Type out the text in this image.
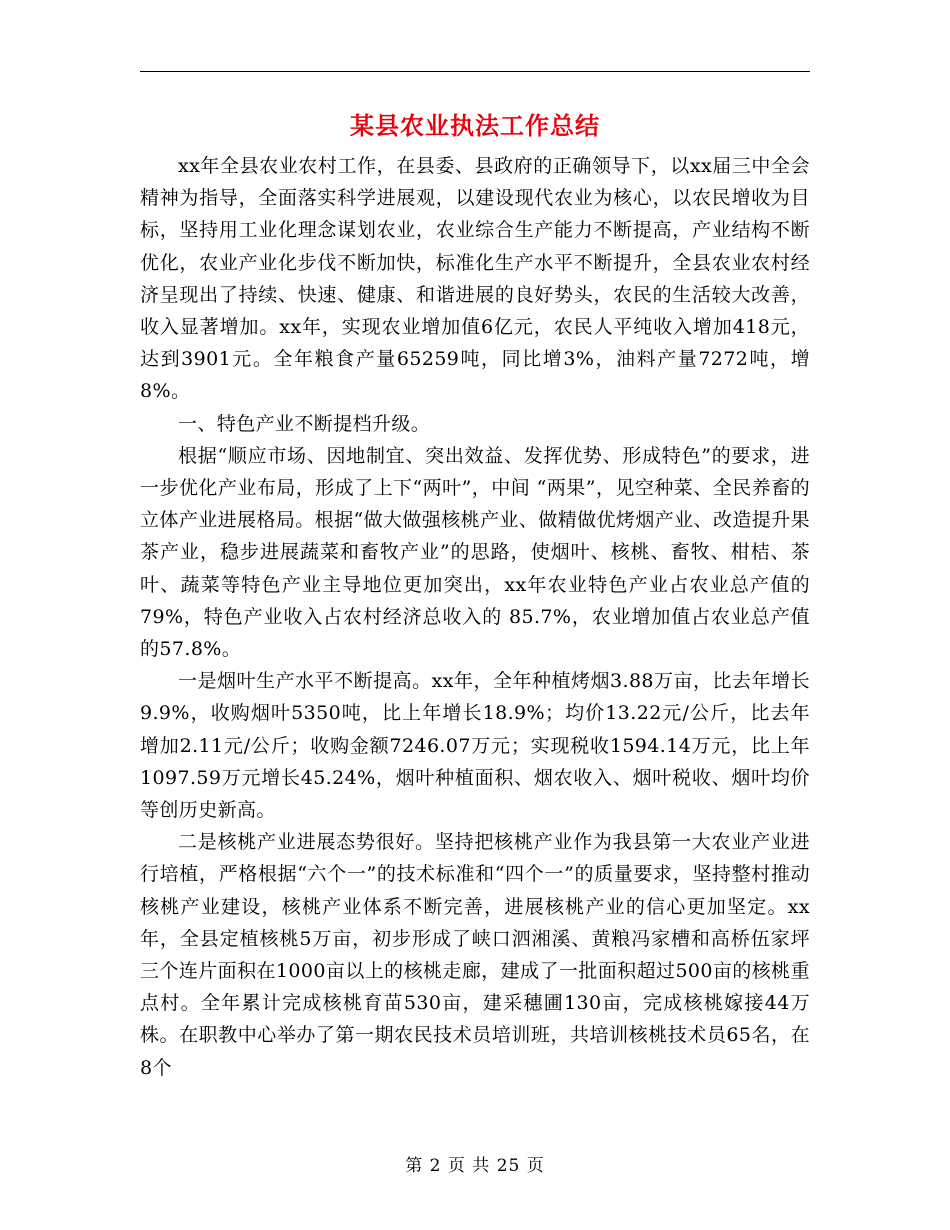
某县农业执法工作总结

xx年全县农业农村工作，在县委、县政府的正确领导下，以xx届三中全会精神为指导，全面落实科学进展观，以建设现代农业为核心，以农民增收为目标，坚持用工业化理念谋划农业，农业综合生产能力不断提高，产业结构不断优化，农业产业化步伐不断加快，标准化生产水平不断提升，全县农业农村经济呈现出了持续、快速、健康、和谐进展的良好势头，农民的生活较大改善，收入显著增加。xx年，实现农业增加值6亿元，农民人平纯收入增加418元，达到3901元。全年粮食产量65259吨，同比增3%，油料产量7272吨，增8%。

一、特色产业不断提档升级。

根据“顺应市场、因地制宜、突出效益、发挥优势、形成特色”的要求，进一步优化产业布局，形成了上下“两叶”，中间 “两果”，见空种菜、全民养畜的立体产业进展格局。根据“做大做强核桃产业、做精做优烤烟产业、改造提升果茶产业，稳步进展蔬菜和畜牧产业”的思路，使烟叶、核桃、畜牧、柑桔、茶叶、蔬菜等特色产业主导地位更加突出，xx年农业特色产业占农业总产值的79%，特色产业收入占农村经济总收入的 85.7%，农业增加值占农业总产值的57.8%。

一是烟叶生产水平不断提高。xx年，全年种植烤烟3.88万亩，比去年增长9.9%，收购烟叶5350吨，比上年增长18.9%；均价13.22元/公斤，比去年增加2.11元/公斤；收购金额7246.07万元；实现税收1594.14万元，比上年1097.59万元增长45.24%，烟叶种植面积、烟农收入、烟叶税收、烟叶均价等创历史新高。

二是核桃产业进展态势很好。坚持把核桃产业作为我县第一大农业产业进行培植，严格根据“六个一”的技术标准和“四个一”的质量要求，坚持整村推动核桃产业建设，核桃产业体系不断完善，进展核桃产业的信心更加坚定。xx年，全县定植核桃5万亩，初步形成了峡口泗湘溪、黄粮冯家槽和高桥伍家坪三个连片面积在1000亩以上的核桃走廊，建成了一批面积超过500亩的核桃重点村。全年累计完成核桃育苗530亩，建采穗圃130亩，完成核桃嫁接44万株。在职教中心举办了第一期农民技术员培训班，共培训核桃技术员65名，在8个

第 2 页 共 25 页
